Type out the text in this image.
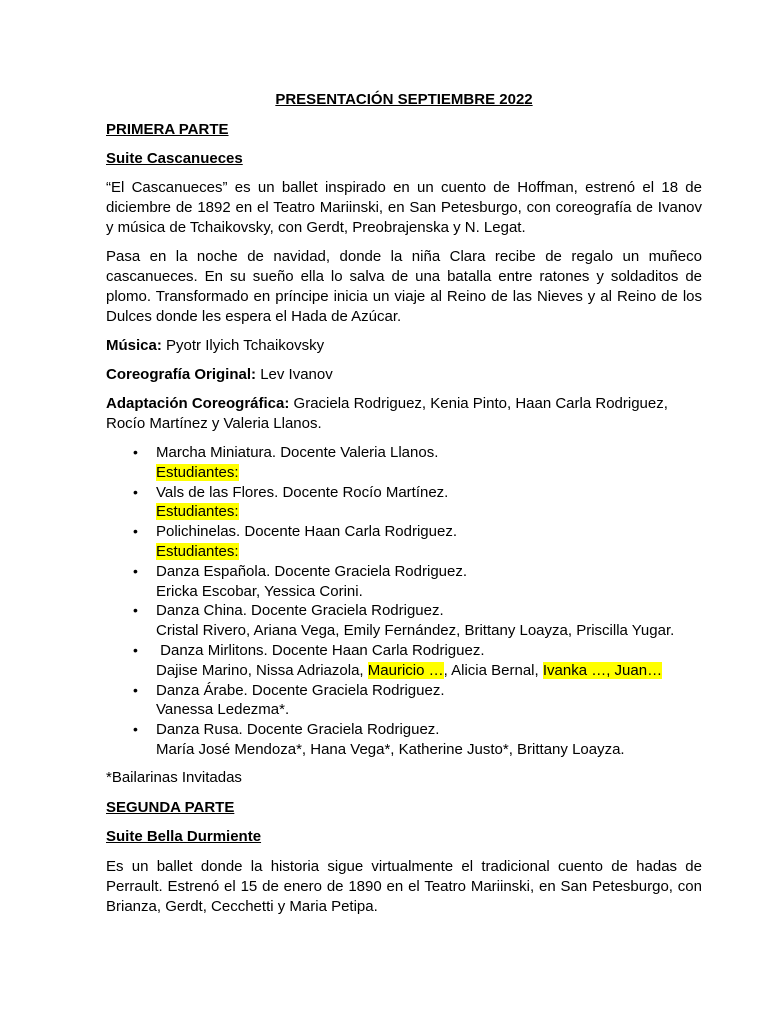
PRESENTACIÓN SEPTIEMBRE 2022
PRIMERA PARTE
Suite Cascanueces
“El Cascanueces” es un ballet inspirado en un cuento de Hoffman, estrenó el 18 de diciembre de 1892 en el Teatro Mariinski, en San Petesburgo, con coreografía de Ivanov y música de Tchaikovsky, con Gerdt, Preobrajenska y N. Legat.
Pasa en la noche de navidad, donde la niña Clara recibe de regalo un muñeco cascanueces. En su sueño ella lo salva de una batalla entre ratones y soldaditos de plomo. Transformado en príncipe inicia un viaje al Reino de las Nieves y al Reino de los Dulces donde les espera el Hada de Azúcar.
Música: Pyotr Ilyich Tchaikovsky
Coreografía Original: Lev Ivanov
Adaptación Coreográfica: Graciela Rodriguez, Kenia Pinto, Haan Carla Rodriguez, Rocío Martínez y Valeria Llanos.
• Marcha Miniatura. Docente Valeria Llanos.
Estudiantes:
• Vals de las Flores. Docente Rocío Martínez.
Estudiantes:
• Polichinelas. Docente Haan Carla Rodriguez.
Estudiantes:
• Danza Española. Docente Graciela Rodriguez.
Ericka Escobar, Yessica Corini.
• Danza China. Docente Graciela Rodriguez.
Cristal Rivero, Ariana Vega, Emily Fernández, Brittany Loayza, Priscilla Yugar.
• Danza Mirlitons. Docente Haan Carla Rodriguez.
Dajise Marino, Nissa Adriazola, Mauricio …, Alicia Bernal, Ivanka …, Juan…
• Danza Árabe. Docente Graciela Rodriguez.
Vanessa Ledezma*.
• Danza Rusa. Docente Graciela Rodriguez.
María José Mendoza*, Hana Vega*, Katherine Justo*, Brittany Loayza.
*Bailarinas Invitadas
SEGUNDA PARTE
Suite Bella Durmiente
Es un ballet donde la historia sigue virtualmente el tradicional cuento de hadas de Perrault. Estrenó el 15 de enero de 1890 en el Teatro Mariinski, en San Petesburgo, con Brianza, Gerdt, Cecchetti y Maria Petipa.
